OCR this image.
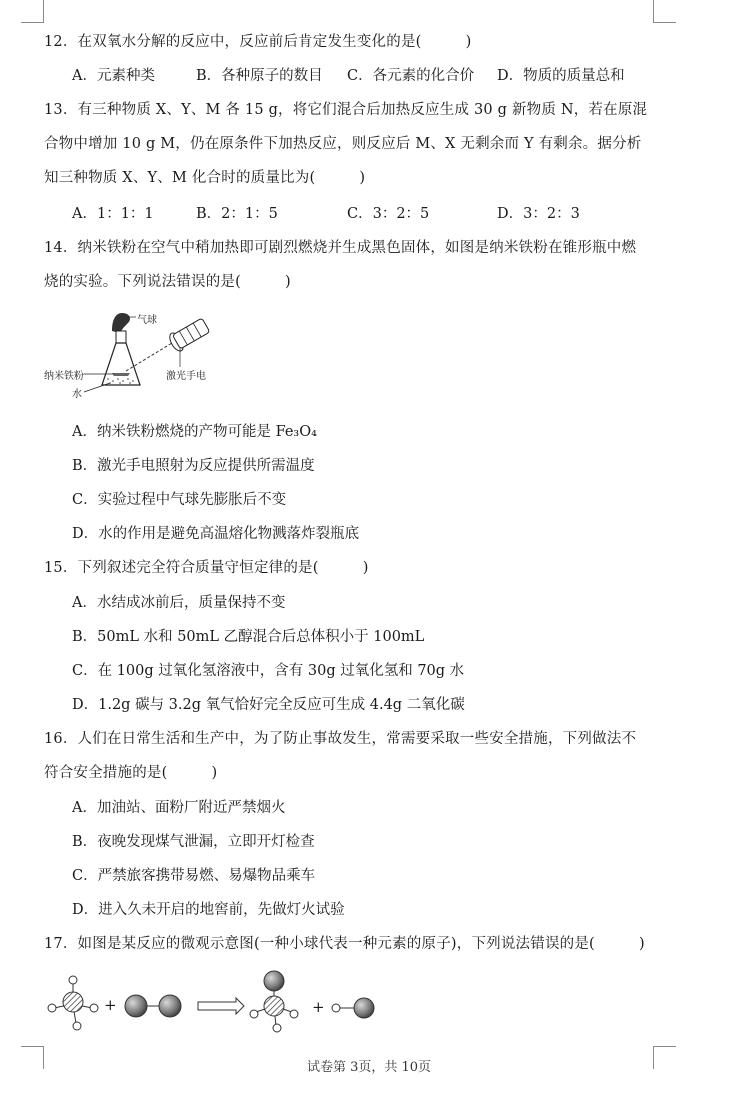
12．在双氧水分解的反应中，反应前后肯定发生变化的是(　　　)
A．元素种类	B．各种原子的数目 C．各元素的化合价 D．物质的质量总和
13．有三种物质 X、Y、M 各 15 g，将它们混合后加热反应生成 30 g 新物质 N，若在原混
合物中增加 10 g M，仍在原条件下加热反应，则反应后 M、X 无剩余而 Y 有剩余。据分析
知三种物质 X、Y、M 化合时的质量比为(　　　)
A．1：1：1	B．2：1：5	C．3：2：5	D．3：2：3
14．纳米铁粉在空气中稍加热即可剧烈燃烧并生成黑色固体，如图是纳米铁粉在锥形瓶中燃
烧的实验。下列说法错误的是(　　　)
气球
激光手电
纳米铁粉
水
A．纳米铁粉燃烧的产物可能是 Fe₃O₄
B．激光手电照射为反应提供所需温度
C．实验过程中气球先膨胀后不变
D．水的作用是避免高温熔化物溅落炸裂瓶底
15．下列叙述完全符合质量守恒定律的是(　　　)
A．水结成冰前后，质量保持不变
B．50mL 水和 50mL 乙醇混合后总体积小于 100mL
C．在 100g 过氧化氢溶液中，含有 30g 过氧化氢和 70g 水
D．1.2g 碳与 3.2g 氧气恰好完全反应可生成 4.4g 二氧化碳
16．人们在日常生活和生产中，为了防止事故发生，常需要采取一些安全措施，下列做法不
符合安全措施的是(　　　)
A．加油站、面粉厂附近严禁烟火
B．夜晚发现煤气泄漏，立即开灯检查
C．严禁旅客携带易燃、易爆物品乘车
D．进入久未开启的地窖前，先做灯火试验
17．如图是某反应的微观示意图(一种小球代表一种元素的原子)，下列说法错误的是(　　　)
+	+
试卷第 3页，共 10页
